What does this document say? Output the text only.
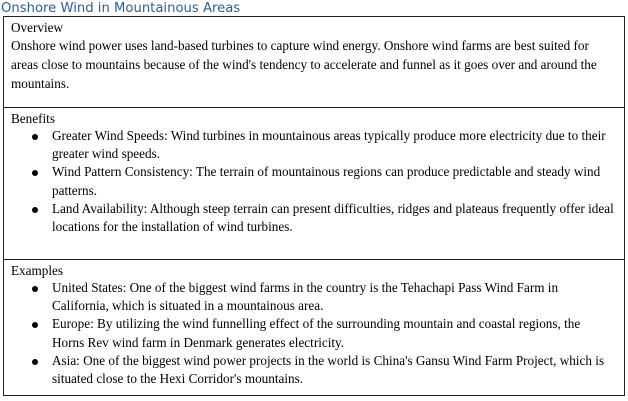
Onshore Wind in Mountainous Areas
Overview
Onshore wind power uses land-based turbines to capture wind energy. Onshore wind farms are best suited for areas close to mountains because of the wind's tendency to accelerate and funnel as it goes over and around the mountains.

Benefits
Greater Wind Speeds: Wind turbines in mountainous areas typically produce more electricity due to their greater wind speeds.
Wind Pattern Consistency: The terrain of mountainous regions can produce predictable and steady wind patterns.
Land Availability: Although steep terrain can present difficulties, ridges and plateaus frequently offer ideal locations for the installation of wind turbines.

Examples
United States: One of the biggest wind farms in the country is the Tehachapi Pass Wind Farm in California, which is situated in a mountainous area.
Europe: By utilizing the wind funnelling effect of the surrounding mountain and coastal regions, the Horns Rev wind farm in Denmark generates electricity.
Asia: One of the biggest wind power projects in the world is China's Gansu Wind Farm Project, which is situated close to the Hexi Corridor's mountains.
